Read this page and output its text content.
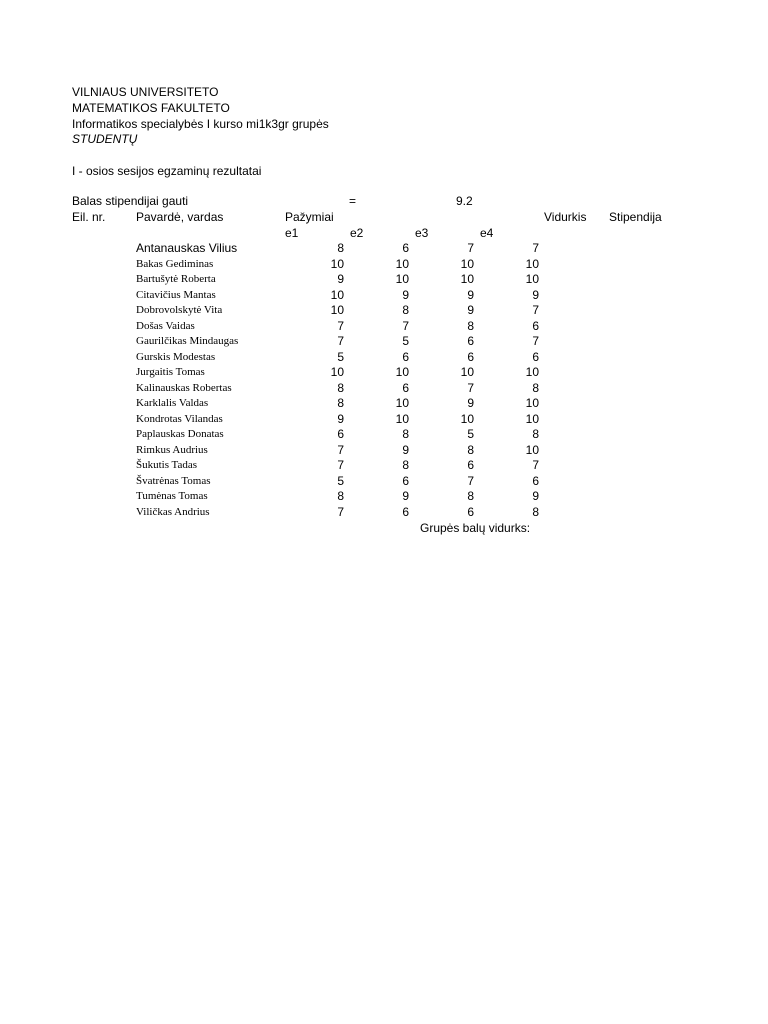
VILNIAUS UNIVERSITETO
MATEMATIKOS FAKULTETO
Informatikos specialybės I kurso mi1k3gr grupės
STUDENTŲ
I - osios sesijos egzaminų rezultatai
Balas stipendijai gauti	=	9.2
Eil. nr.	Pavardė, vardas	Pažymiai	Vidurkis Stipendija
e1	e2	e3	e4
Antanauskas Vilius	8	6	7	7
Bakas Gediminas	10	10	10	10
Bartušytė Roberta	9	10	10	10
Citavičius Mantas	10	9	9	9
Dobrovolskytė Vita	10	8	9	7
Došas Vaidas	7	7	8	6
Gaurilčikas Mindaugas	7	5	6	7
Gurskis Modestas	5	6	6	6
Jurgaitis Tomas	10	10	10	10
Kalinauskas Robertas	8	6	7	8
Karklalis Valdas	8	10	9	10
Kondrotas Vilandas	9	10	10	10
Paplauskas Donatas	6	8	5	8
Rimkus Audrius	7	9	8	10
Šukutis Tadas	7	8	6	7
Švatrėnas Tomas	5	6	7	6
Tumėnas Tomas	8	9	8	9
Viličkas Andrius	7	6	6	8
Grupės balų vidurks:
